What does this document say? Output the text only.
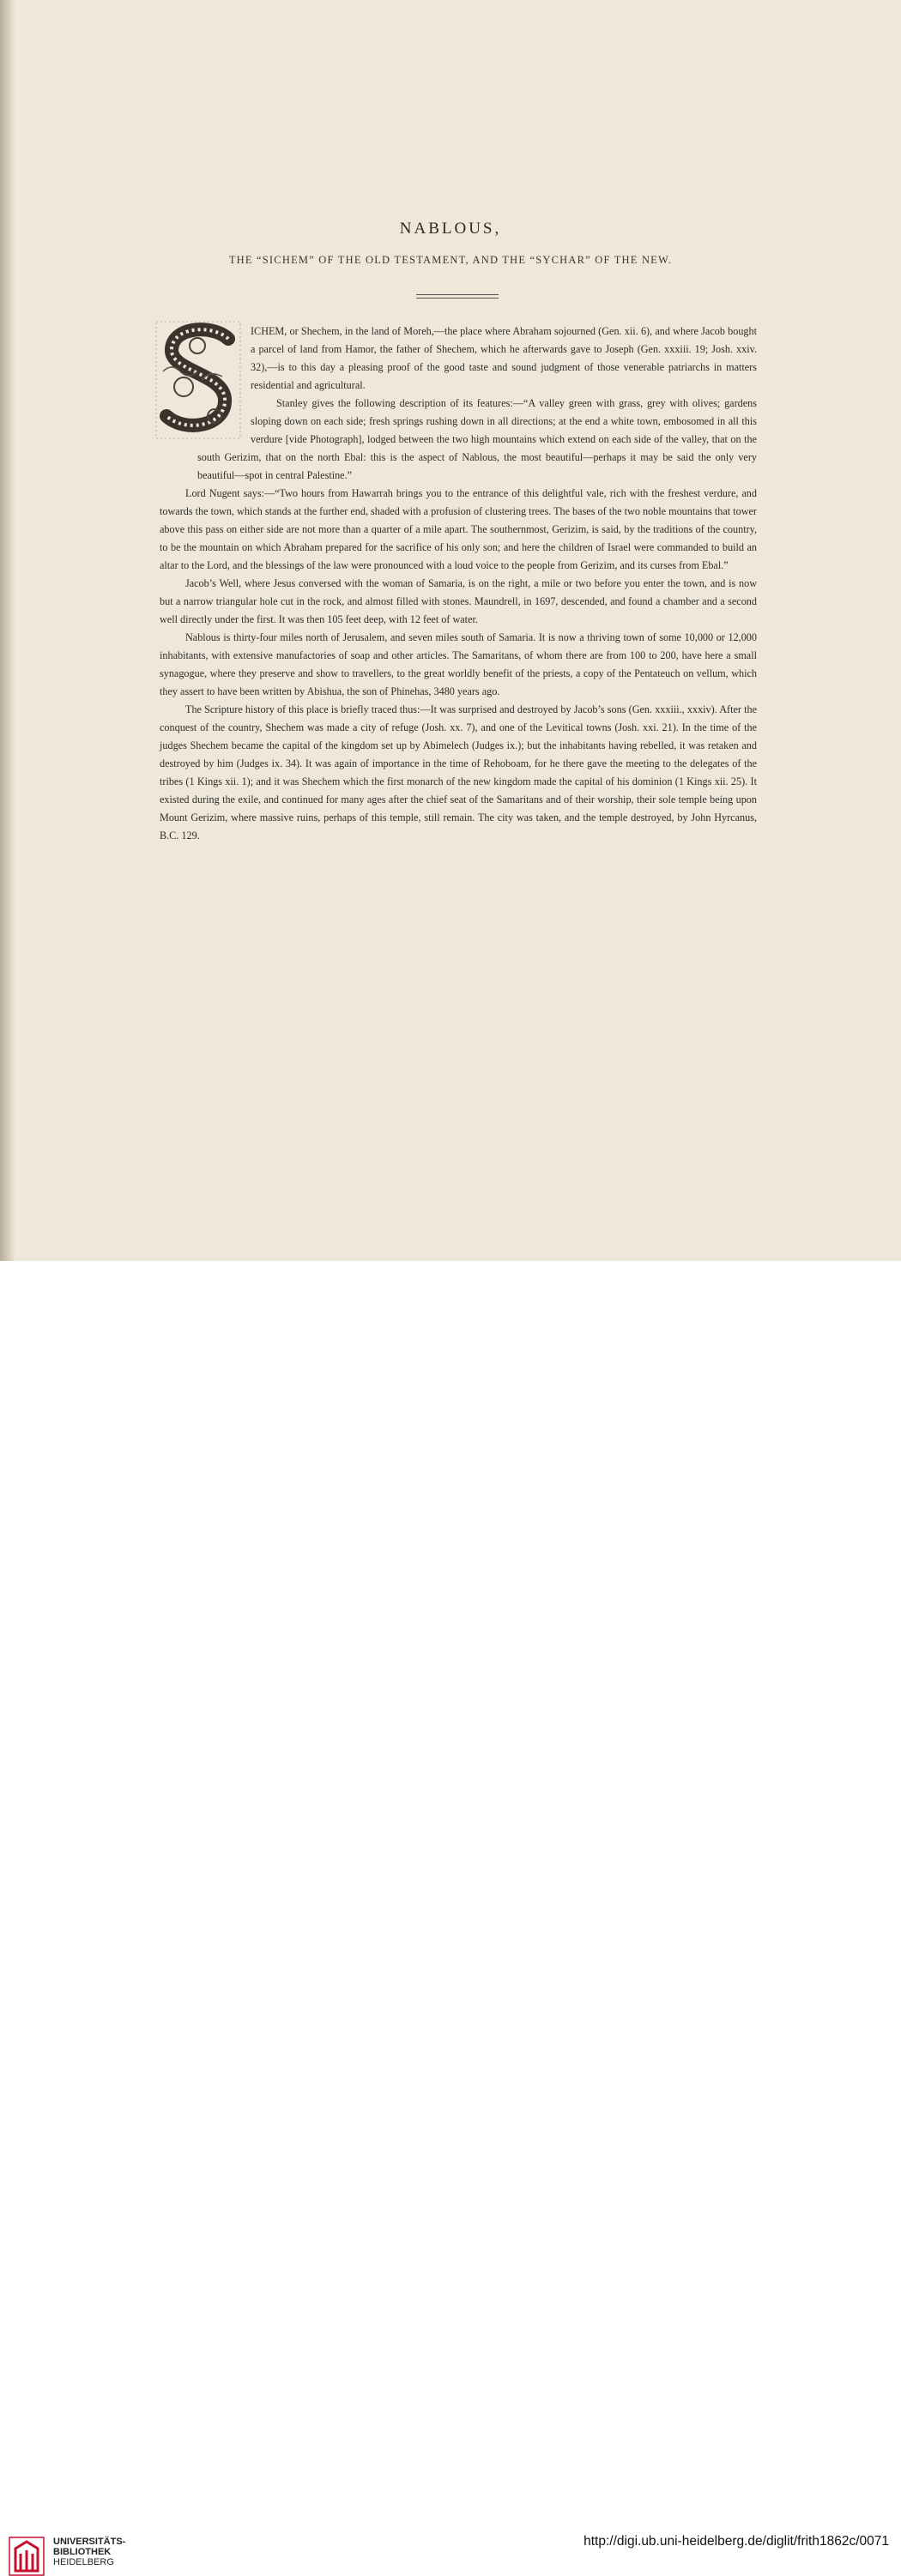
NABLOUS,
THE “SICHEM” OF THE OLD TESTAMENT, AND THE “SYCHAR” OF THE NEW.

ICHEM, or Shechem, in the land of Moreh,—the place where Abraham sojourned (Gen. xii. 6), and where Jacob bought a parcel of land from Hamor, the father of Shechem, which he afterwards gave to Joseph (Gen. xxxiii. 19; Josh. xxiv. 32),—is to this day a pleasing proof of the good taste and sound judgment of those venerable patriarchs in matters residential and agricultural.

Stanley gives the following description of its features:—“A valley green with grass, grey with olives; gardens sloping down on each side; fresh springs rushing down in all directions; at the end a white town, embosomed in all this verdure [vide Photograph], lodged between the two high mountains which extend on each side of the valley, that on the south Gerizim, that on the north Ebal: this is the aspect of Nablous, the most beautiful—perhaps it may be said the only very beautiful—spot in central Palestine.”

Lord Nugent says:—“Two hours from Hawarrah brings you to the entrance of this delightful vale, rich with the freshest verdure, and towards the town, which stands at the further end, shaded with a profusion of clustering trees. The bases of the two noble mountains that tower above this pass on either side are not more than a quarter of a mile apart. The southernmost, Gerizim, is said, by the traditions of the country, to be the mountain on which Abraham prepared for the sacrifice of his only son; and here the children of Israel were commanded to build an altar to the Lord, and the blessings of the law were pronounced with a loud voice to the people from Gerizim, and its curses from Ebal.”

Jacob’s Well, where Jesus conversed with the woman of Samaria, is on the right, a mile or two before you enter the town, and is now but a narrow triangular hole cut in the rock, and almost filled with stones. Maundrell, in 1697, descended, and found a chamber and a second well directly under the first. It was then 105 feet deep, with 12 feet of water.

Nablous is thirty-four miles north of Jerusalem, and seven miles south of Samaria. It is now a thriving town of some 10,000 or 12,000 inhabitants, with extensive manufactories of soap and other articles. The Samaritans, of whom there are from 100 to 200, have here a small synagogue, where they preserve and show to travellers, to the great worldly benefit of the priests, a copy of the Pentateuch on vellum, which they assert to have been written by Abishua, the son of Phinehas, 3480 years ago.

The Scripture history of this place is briefly traced thus:—It was surprised and destroyed by Jacob’s sons (Gen. xxxiii., xxxiv). After the conquest of the country, Shechem was made a city of refuge (Josh. xx. 7), and one of the Levitical towns (Josh. xxi. 21). In the time of the judges Shechem became the capital of the kingdom set up by Abimelech (Judges ix.); but the inhabitants having rebelled, it was retaken and destroyed by him (Judges ix. 34). It was again of importance in the time of Rehoboam, for he there gave the meeting to the delegates of the tribes (1 Kings xii. 1); and it was Shechem which the first monarch of the new kingdom made the capital of his dominion (1 Kings xii. 25). It existed during the exile, and continued for many ages after the chief seat of the Samaritans and of their worship, their sole temple being upon Mount Gerizim, where massive ruins, perhaps of this temple, still remain. The city was taken, and the temple destroyed, by John Hyrcanus, B.C. 129.

UNIVERSITÄTS-
BIBLIOTHEK
HEIDELBERG
http://digi.ub.uni-heidelberg.de/diglit/frith1862c/0071
